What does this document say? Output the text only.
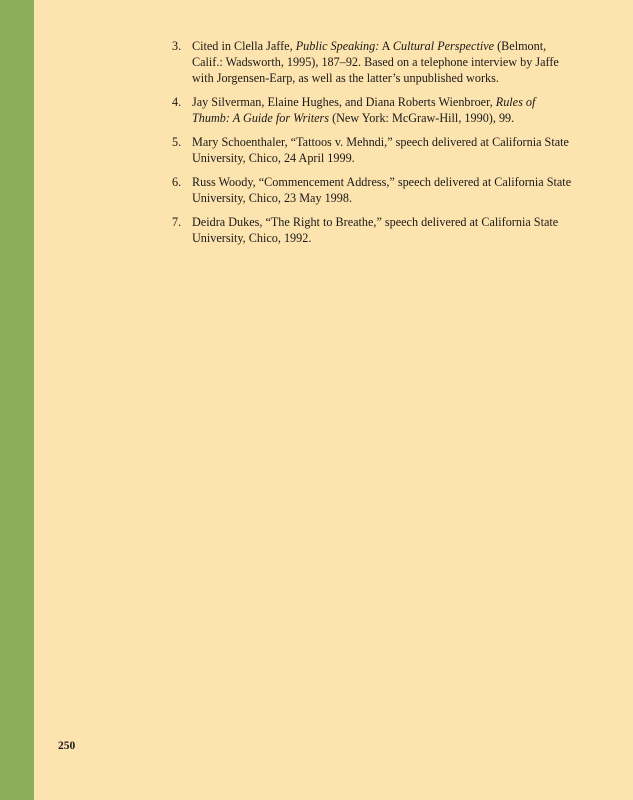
3. Cited in Clella Jaffe, Public Speaking: A Cultural Perspective (Belmont, Calif.: Wadsworth, 1995), 187–92. Based on a telephone interview by Jaffe with Jorgensen-Earp, as well as the latter’s unpublished works.
4. Jay Silverman, Elaine Hughes, and Diana Roberts Wienbroer, Rules of Thumb: A Guide for Writers (New York: McGraw-Hill, 1990), 99.
5. Mary Schoenthaler, “Tattoos v. Mehndi,” speech delivered at California State University, Chico, 24 April 1999.
6. Russ Woody, “Commencement Address,” speech delivered at California State University, Chico, 23 May 1998.
7. Deidra Dukes, “The Right to Breathe,” speech delivered at California State University, Chico, 1992.
250
